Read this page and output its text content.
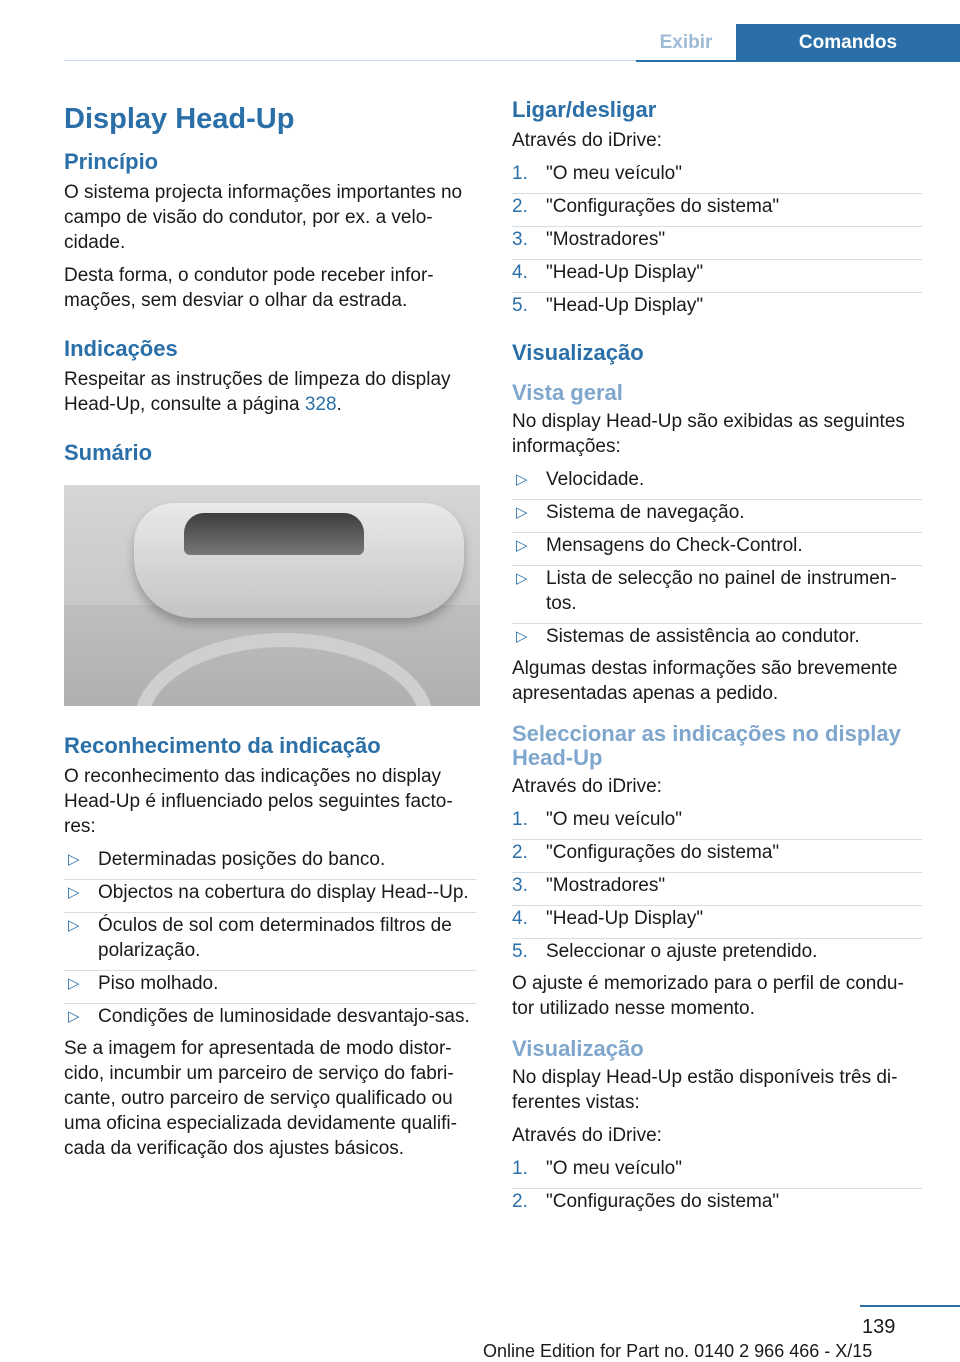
Exibir	Comandos
Display Head-Up
Princípio

O sistema projecta informações importantes no campo de visão do condutor, por ex. a velo-cidade.

Desta forma, o condutor pode receber infor-mações, sem desviar o olhar da estrada.

Indicações

Respeitar as instruções de limpeza do display Head-Up, consulte a página 328.

Sumário
Reconhecimento da indicação

O reconhecimento das indicações no display Head-Up é influenciado pelos seguintes facto-res:

▷ Determinadas posições do banco.
▷ Objectos na cobertura do display Head--Up.
▷ Óculos de sol com determinados filtros de polarização.
▷ Piso molhado.
▷ Condições de luminosidade desvantajo-sas.

Se a imagem for apresentada de modo distor-cido, incumbir um parceiro de serviço do fabri-cante, outro parceiro de serviço qualificado ou uma oficina especializada devidamente qualifi-cada da verificação dos ajustes básicos.

Ligar/desligar

Através do iDrive:

1. "O meu veículo"
2. "Configurações do sistema"
3. "Mostradores"
4. "Head-Up Display"
5. "Head-Up Display"
Visualização
Vista geral

No display Head-Up são exibidas as seguintes informações:

▷ Velocidade.
▷ Sistema de navegação.
▷ Mensagens do Check-Control.
▷ Lista de selecção no painel de instrumen-tos.
▷ Sistemas de assistência ao condutor.

Algumas destas informações são brevemente apresentadas apenas a pedido.

Seleccionar as indicações no display Head-Up

Através do iDrive:

1. "O meu veículo"
2. "Configurações do sistema"
3. "Mostradores"
4. "Head-Up Display"
5. Seleccionar o ajuste pretendido.

O ajuste é memorizado para o perfil de condu-tor utilizado nesse momento.

Visualização

No display Head-Up estão disponíveis três di-ferentes vistas:

Através do iDrive:

1. "O meu veículo"
2. "Configurações do sistema"
139
Online Edition for Part no. 0140 2 966 466 - X/15
